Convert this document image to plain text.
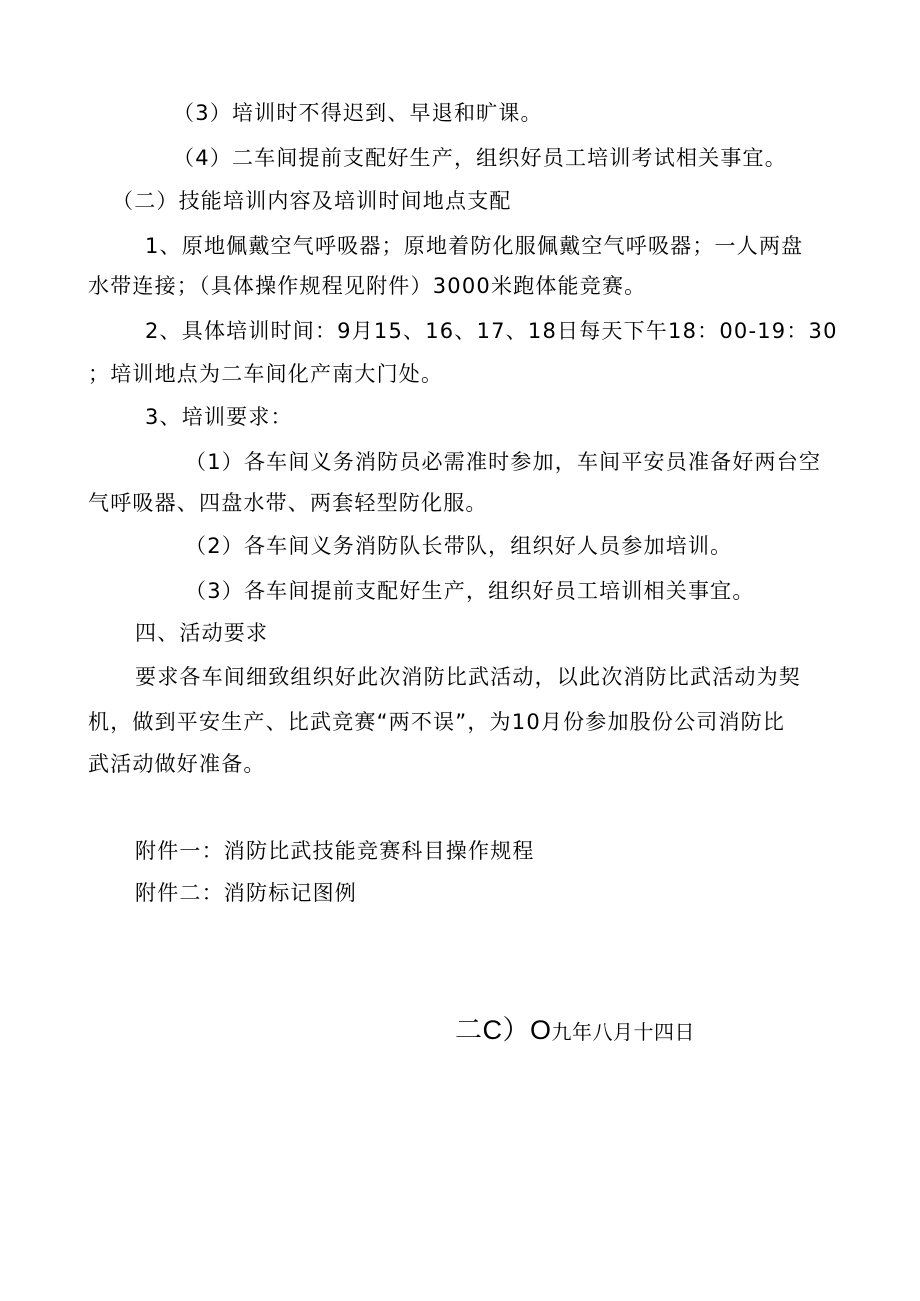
（3）培训时不得迟到、早退和旷课。
（4）二车间提前支配好生产，组织好员工培训考试相关事宜。
（二）技能培训内容及培训时间地点支配
1、原地佩戴空气呼吸器；原地着防化服佩戴空气呼吸器；一人两盘
水带连接；（具体操作规程见附件）3000米跑体能竞赛。
2、具体培训时间：9月15、16、17、18日每天下午18：00-19：30
；培训地点为二车间化产南大门处。
3、培训要求：
（1）各车间义务消防员必需准时参加，车间平安员准备好两台空
气呼吸器、四盘水带、两套轻型防化服。
（2）各车间义务消防队长带队，组织好人员参加培训。
（3）各车间提前支配好生产，组织好员工培训相关事宜。
四、活动要求
要求各车间细致组织好此次消防比武活动，以此次消防比武活动为契
机，做到平安生产、比武竞赛“两不误”，为10月份参加股份公司消防比
武活动做好准备。
附件一：消防比武技能竞赛科目操作规程
附件二：消防标记图例
二C）O九年八月十四日
